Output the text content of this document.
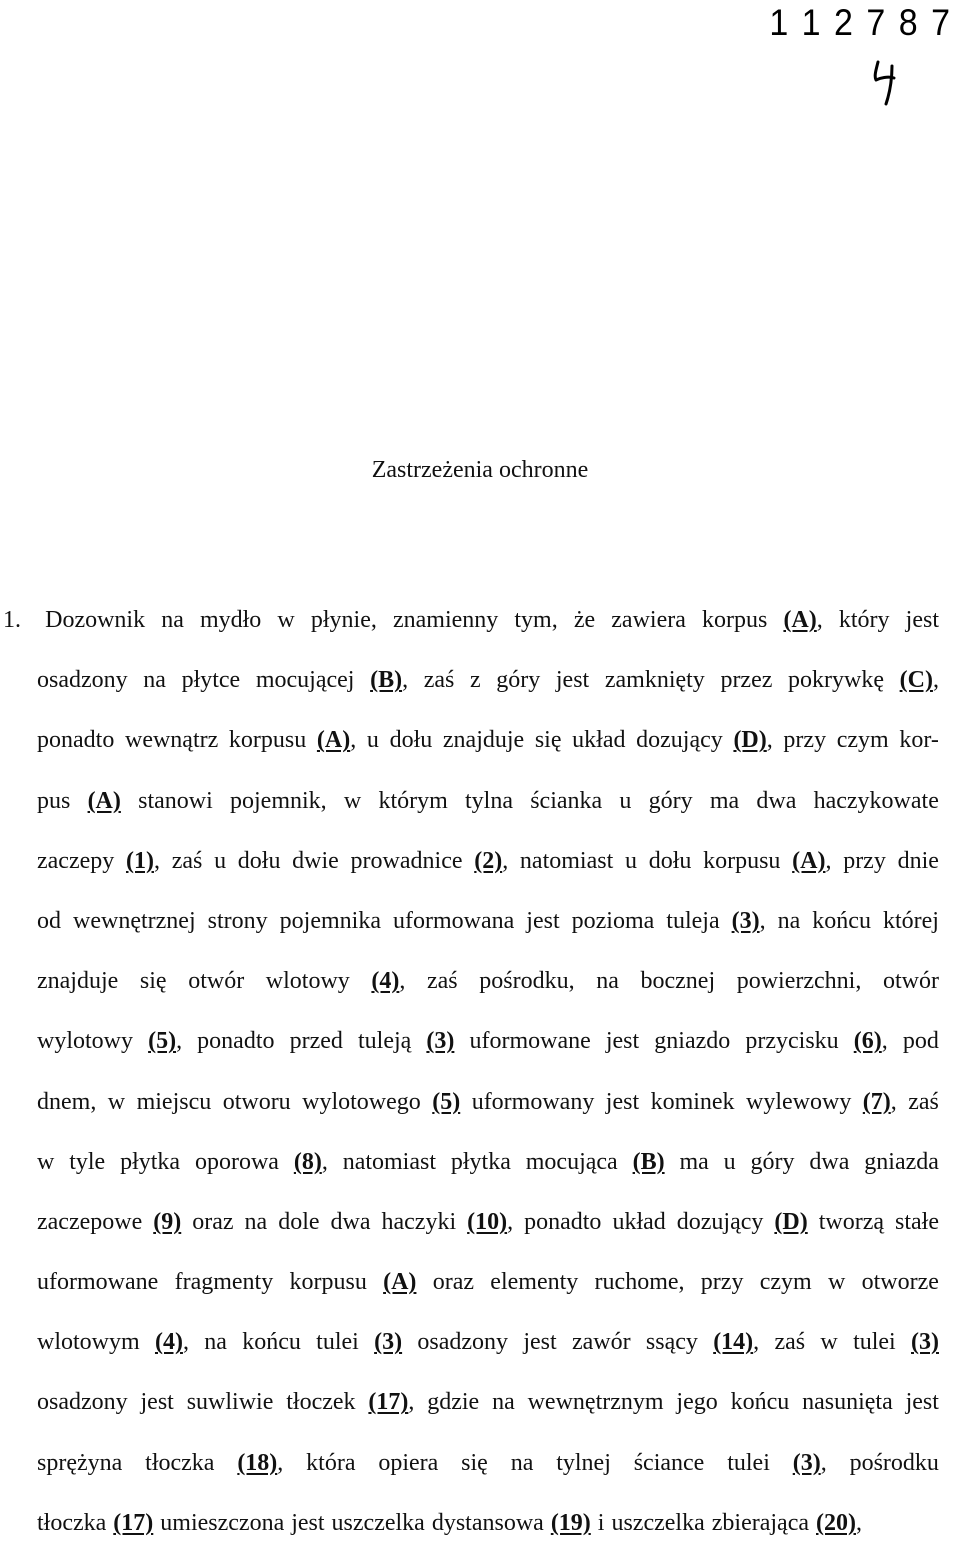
1 1 2 7 8 7
Zastrzeżenia ochronne
1. Dozownik na mydło w płynie, znamienny tym, że zawiera korpus (A), który jest
osadzony na płytce mocującej (B), zaś z góry jest zamknięty przez pokrywkę (C),
ponadto wewnątrz korpusu (A), u dołu znajduje się układ dozujący (D), przy czym kor-
pus (A) stanowi pojemnik, w którym tylna ścianka u góry ma dwa haczykowate
zaczepy (1), zaś u dołu dwie prowadnice (2), natomiast u dołu korpusu (A), przy dnie
od wewnętrznej strony pojemnika uformowana jest pozioma tuleja (3), na końcu której
znajduje się otwór wlotowy (4), zaś pośrodku, na bocznej powierzchni, otwór
wylotowy (5), ponadto przed tuleją (3) uformowane jest gniazdo przycisku (6), pod
dnem, w miejscu otworu wylotowego (5) uformowany jest kominek wylewowy (7), zaś
w tyle płytka oporowa (8), natomiast płytka mocująca (B) ma u góry dwa gniazda
zaczepowe (9) oraz na dole dwa haczyki (10), ponadto układ dozujący (D) tworzą stałe
uformowane fragmenty korpusu (A) oraz elementy ruchome, przy czym w otworze
wlotowym (4), na końcu tulei (3) osadzony jest zawór ssący (14), zaś w tulei (3)
osadzony jest suwliwie tłoczek (17), gdzie na wewnętrznym jego końcu nasunięta jest
sprężyna tłoczka (18), która opiera się na tylnej ściance tulei (3), pośrodku
tłoczka (17) umieszczona jest uszczelka dystansowa (19) i uszczelka zbierająca (20),
